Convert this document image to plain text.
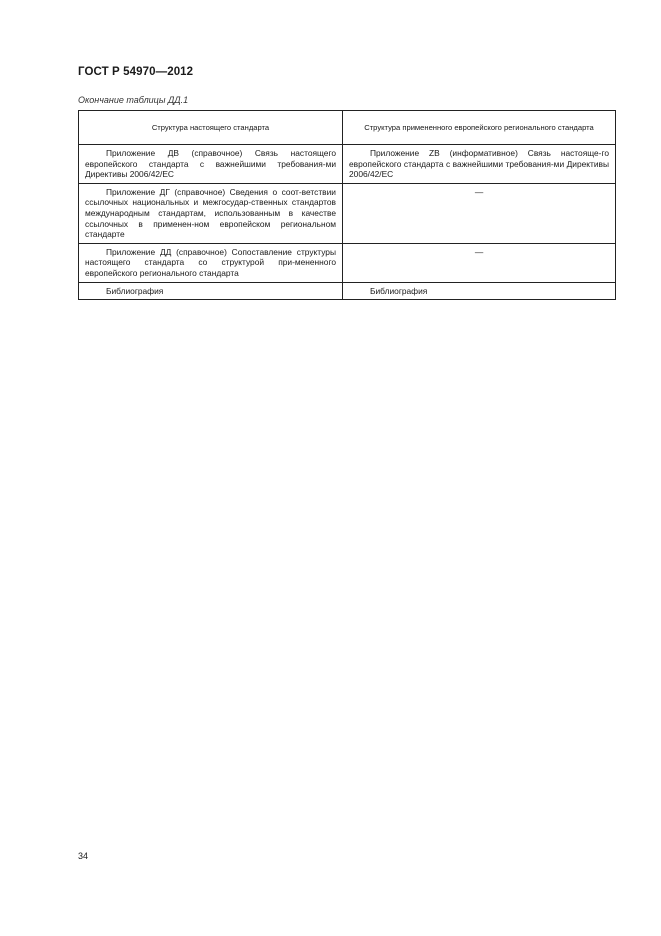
ГОСТ Р 54970—2012
Окончание таблицы ДД.1
Структура настоящего стандарта	Структура примененного европейского регионального стандарта
Приложение ДВ (справочное) Связь настоящего европейского стандарта с важнейшими требования-ми Директивы 2006/42/ЕС	Приложение ZB (информативное) Связь настояще-го европейского стандарта с важнейшими требования-ми Директивы 2006/42/ЕС
Приложение ДГ (справочное) Сведения о соот-ветствии ссылочных национальных и межгосудар-ственных стандартов международным стандартам, использованным в качестве ссылочных в применен-ном европейском региональном стандарте	—
Приложение ДД (справочное) Сопоставление структуры настоящего стандарта со структурой при-мененного европейского регионального стандарта	—
Библиография	Библиография
34
